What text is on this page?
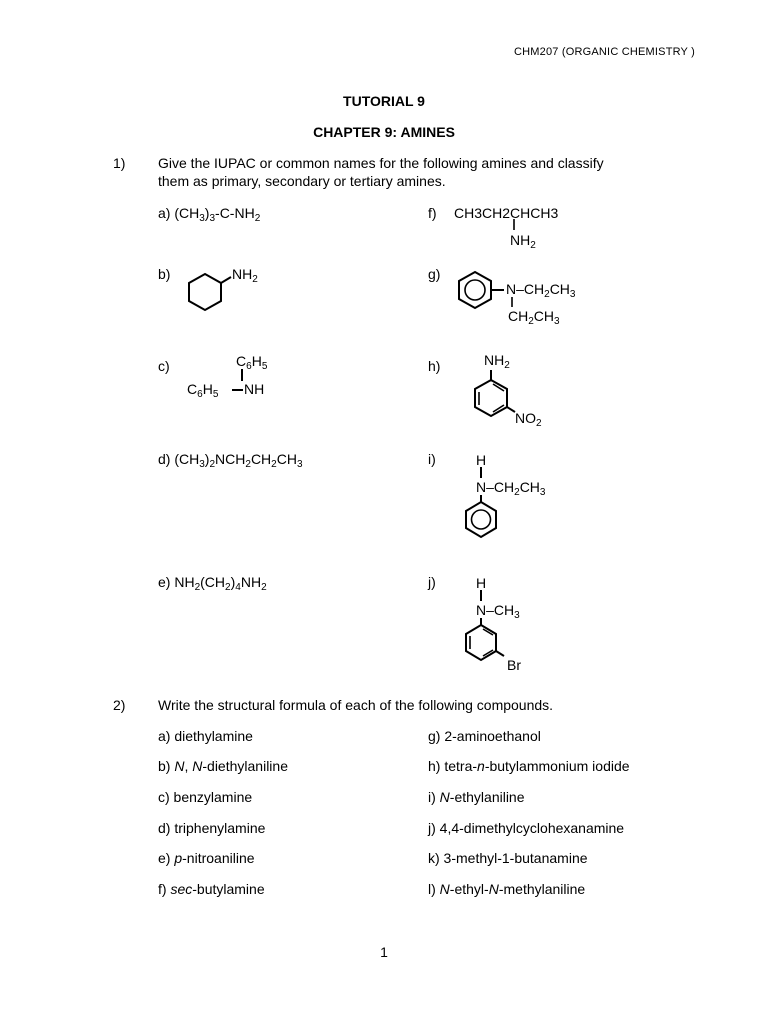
CHM207 (ORGANIC CHEMISTRY )
TUTORIAL 9
CHAPTER 9: AMINES
1) Give the IUPAC or common names for the following amines and classify
them as primary, secondary or tertiary amines.
a) $(CH_3)_3-C-NH_2$	f) CH3CH2CHCH3
$NH_2$
b)	$NH_2$	g)
$N-CH_2CH_3$
$CH_2CH_3$
c)	$C_6H_5$
$C_6H_5$ NH
h)	$NH_2$
$NO_2$
d) $(CH_3)_2NCH_2CH_2CH_3$	i)	H
$N-CH_2CH_3$
e) $NH_2(CH_2)_4NH_2$	j)	H
$N-CH_3$
Br
2) Write the structural formula of each of the following compounds.
a) diethylamine
b) N, N-diethylaniline
c) benzylamine
d) triphenylamine
e) p-nitroaniline
f) sec-butylamine
g) 2-aminoethanol
h) tetra-n-butylammonium iodide
i) N-ethylaniline
j) 4,4-dimethylcyclohexanamine
k) 3-methyl-1-butanamine
l) N-ethyl-N-methylaniline
1
